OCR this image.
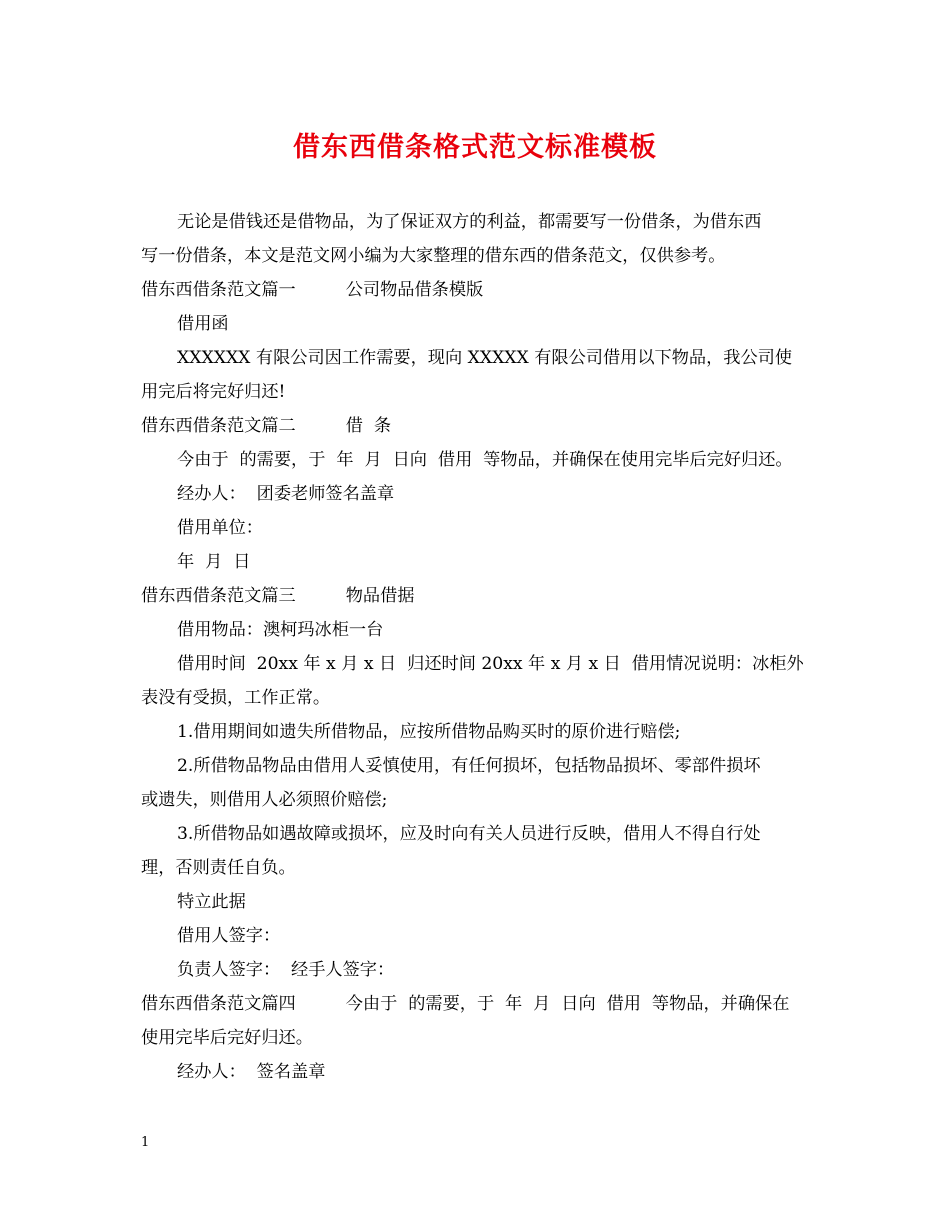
借东西借条格式范文标准模板
无论是借钱还是借物品，为了保证双方的利益，都需要写一份借条，为借东西
写一份借条，本文是范文网小编为大家整理的借东西的借条范文，仅供参考。
借东西借条范文篇一	公司物品借条模版
借用函
XXXXXX 有限公司因工作需要，现向 XXXXX 有限公司借用以下物品，我公司使
用完后将完好归还!
借东西借条范文篇二	借  条
今由于  的需要，于  年  月  日向  借用  等物品，并确保在使用完毕后完好归还。
经办人：  团委老师签名盖章
借用单位：
年  月  日
借东西借条范文篇三	物品借据
借用物品：澳柯玛冰柜一台
借用时间  20xx 年 x 月 x 日  归还时间 20xx 年 x 月 x 日  借用情况说明：冰柜外
表没有受损，工作正常。
1.借用期间如遗失所借物品，应按所借物品购买时的原价进行赔偿;
2.所借物品物品由借用人妥慎使用，有任何损坏，包括物品损坏、零部件损坏
或遗失，则借用人必须照价赔偿;
3.所借物品如遇故障或损坏，应及时向有关人员进行反映，借用人不得自行处
理，否则责任自负。
特立此据
借用人签字：
负责人签字：  经手人签字：
借东西借条范文篇四	今由于  的需要，于  年  月  日向  借用  等物品，并确保在
使用完毕后完好归还。
经办人：  签名盖章
1
